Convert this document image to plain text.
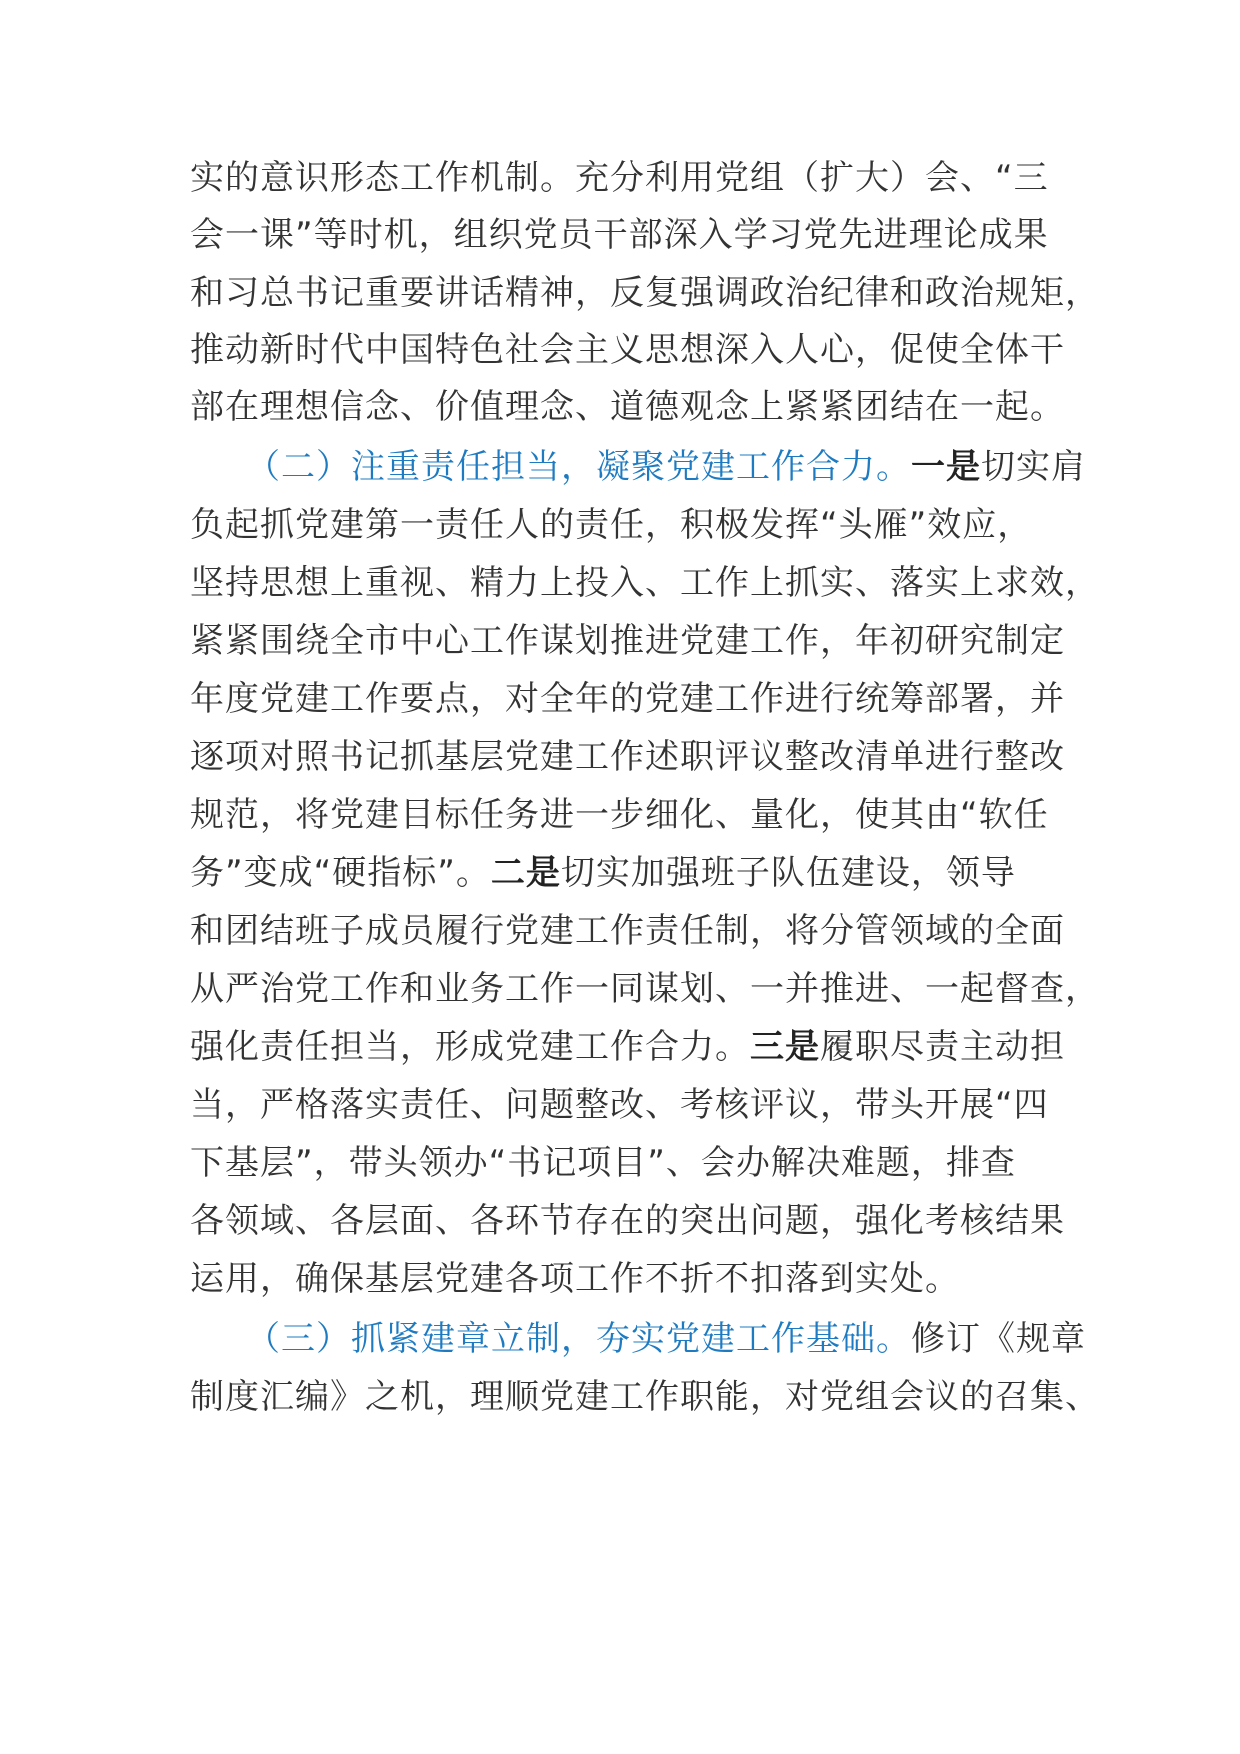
实的意识形态工作机制。充分利用党组（扩大）会、“三
会一课”等时机，组织党员干部深入学习党先进理论成果
和习总书记重要讲话精神，反复强调政治纪律和政治规矩，
推动新时代中国特色社会主义思想深入人心，促使全体干
部在理想信念、价值理念、道德观念上紧紧团结在一起。
（二）注重责任担当，凝聚党建工作合力。一是切实肩
负起抓党建第一责任人的责任，积极发挥“头雁”效应，
坚持思想上重视、精力上投入、工作上抓实、落实上求效，
紧紧围绕全市中心工作谋划推进党建工作，年初研究制定
年度党建工作要点，对全年的党建工作进行统筹部署，并
逐项对照书记抓基层党建工作述职评议整改清单进行整改
规范，将党建目标任务进一步细化、量化，使其由“软任
务”变成“硬指标”。二是切实加强班子队伍建设，领导
和团结班子成员履行党建工作责任制，将分管领域的全面
从严治党工作和业务工作一同谋划、一并推进、一起督查，
强化责任担当，形成党建工作合力。三是履职尽责主动担
当，严格落实责任、问题整改、考核评议，带头开展“四
下基层”，带头领办“书记项目”、会办解决难题，排查
各领域、各层面、各环节存在的突出问题，强化考核结果
运用，确保基层党建各项工作不折不扣落到实处。
（三）抓紧建章立制，夯实党建工作基础。修订《规章
制度汇编》之机，理顺党建工作职能，对党组会议的召集、
